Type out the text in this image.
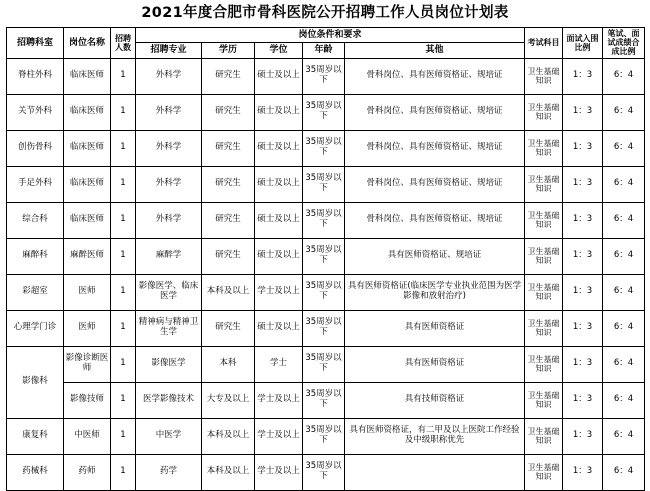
2021年度合肥市骨科医院公开招聘工作人员岗位计划表
招聘科室	岗位名称	招聘人数	岗位条件和要求					考试科目	面试入围比例	笔试、面试成绩合成比例
			招聘专业	学历	学位	年龄	其他			
脊柱外科	临床医师	1	外科学	研究生	硕士及以上	35周岁以下	骨科岗位、具有医师资格证、规培证	卫生基础知识	1：3	6：4
关节外科	临床医师	1	外科学	研究生	硕士及以上	35周岁以下	骨科岗位、具有医师资格证、规培证	卫生基础知识	1：3	6：4
创伤骨科	临床医师	1	外科学	研究生	硕士及以上	35周岁以下	骨科岗位、具有医师资格证、规培证	卫生基础知识	1：3	6：4
手足外科	临床医师	1	外科学	研究生	硕士及以上	35周岁以下	骨科岗位、具有医师资格证、规培证	卫生基础知识	1：3	6：4
综合科	临床医师	1	外科学	研究生	硕士及以上	35周岁以下	骨科岗位、具有医师资格证、规培证	卫生基础知识	1：3	6：4
麻醉科	麻醉医师	1	麻醉学	研究生	硕士及以上	35周岁以下	具有医师资格证、规培证	卫生基础知识	1：3	6：4
彩超室	医师	1	影像医学、临床医学	本科及以上	学士及以上	35周岁以下	具有医师资格证(临床医学专业执业范围为医学影像和放射治疗)	卫生基础知识	1：3	6：4
心理学门诊	医师	1	精神病与精神卫生学	研究生	硕士及以上	35周岁以下	具有医师资格证	卫生基础知识	1：3	6：4
影像科	影像诊断医师	1	影像医学	本科	学士	35周岁以下	具有医师资格证	卫生基础知识	1：3	6：4
	影像技师	1	医学影像技术	大专及以上	学士及以上	35周岁以下	具有技师资格证	卫生基础知识	1：3	6：4
康复科	中医师	1	中医学	本科及以上	学士及以上	35周岁以下	具有医师资格证，有二甲及以上医院工作经验及中级职称优先	卫生基础知识	1：3	6：4
药械科	药师	1	药学	本科及以上	学士及以上	35周岁以下		卫生基础知识	1：3	6：4
